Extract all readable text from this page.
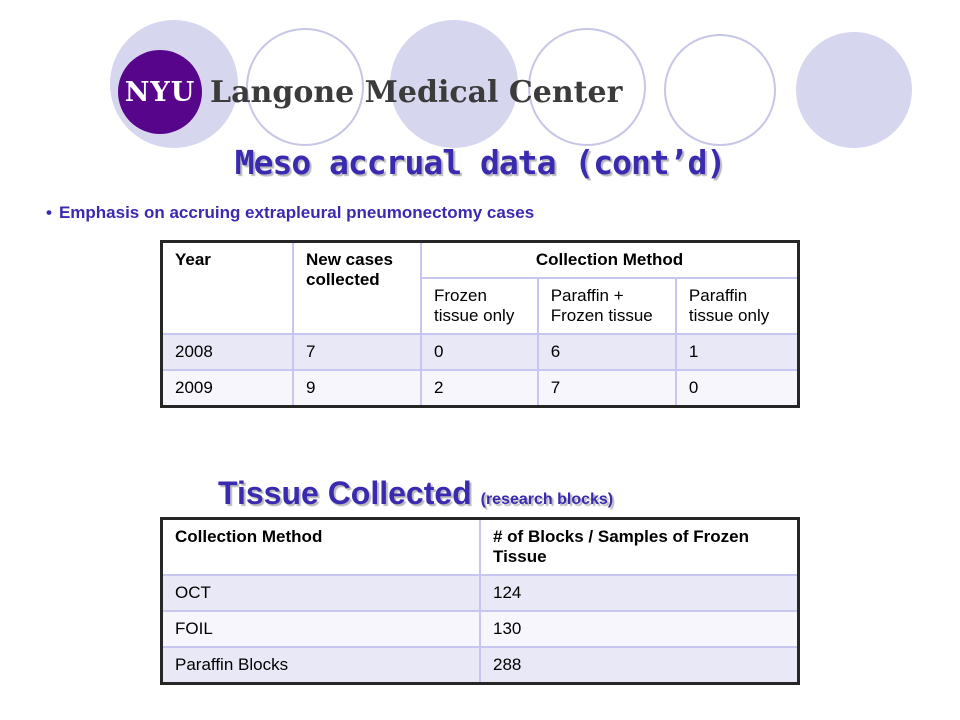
NYU Langone Medical Center
Meso accrual data (cont’d)
• Emphasis on accruing extrapleural pneumonectomy cases
Year	New cases collected	Collection Method		
		Frozen tissue only	Paraffin + Frozen tissue	Paraffin tissue only
2008	7	0	6	1
2009	9	2	7	0
Tissue Collected (research blocks)
Collection Method	# of Blocks / Samples of Frozen Tissue
OCT	124
FOIL	130
Paraffin Blocks	288
